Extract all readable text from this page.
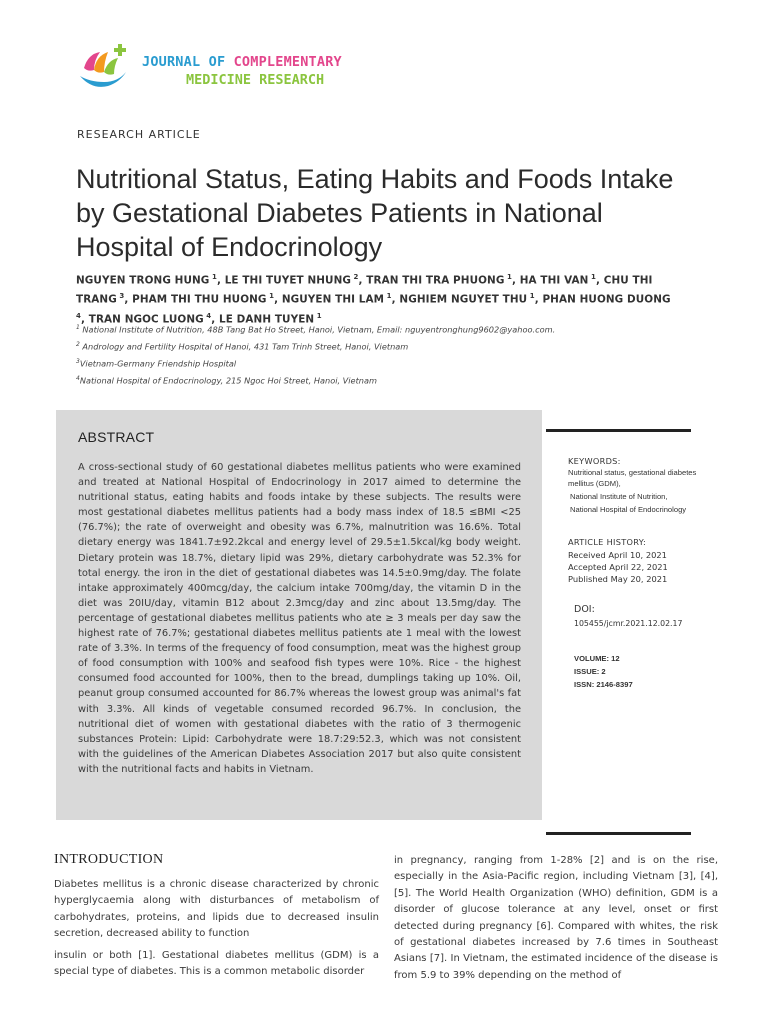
JOURNAL OF COMPLEMENTARY
MEDICINE RESEARCH
RESEARCH ARTICLE
Nutritional Status, Eating Habits and Foods Intake by Gestational Diabetes Patients in National Hospital of Endocrinology
NGUYEN TRONG HUNG $^1$, LE THI TUYET NHUNG $^2$, TRAN THI TRA PHUONG $^1$, HA THI VAN $^1$, CHU THI TRANG $^3$, PHAM THI THU HUONG $^1$, NGUYEN THI LAM $^1$, NGHIEM NGUYET THU $^1$, PHAN HUONG DUONG $^4$, TRAN NGOC LUONG $^4$, LE DANH TUYEN $^1$
$^1$ National Institute of Nutrition, 48B Tang Bat Ho Street, Hanoi, Vietnam, Email: nguyentronghung9602@yahoo.com.
$^2$ Andrology and Fertility Hospital of Hanoi, 431 Tam Trinh Street, Hanoi, Vietnam
$^3$Vietnam-Germany Friendship Hospital
$^4$National Hospital of Endocrinology, 215 Ngoc Hoi Street, Hanoi, Vietnam
ABSTRACT
A cross-sectional study of 60 gestational diabetes mellitus patients who were examined and treated at National Hospital of Endocrinology in 2017 aimed to determine the nutritional status, eating habits and foods intake by these subjects. The results were most gestational diabetes mellitus patients had a body mass index of 18.5 ≤BMI <25 (76.7%); the rate of overweight and obesity was 6.7%, malnutrition was 16.6%. Total dietary energy was 1841.7±92.2kcal and energy level of 29.5±1.5kcal/kg body weight. Dietary protein was 18.7%, dietary lipid was 29%, dietary carbohydrate was 52.3% for total energy. the iron in the diet of gestational diabetes was 14.5±0.9mg/day. The folate intake approximately 400mcg/day, the calcium intake 700mg/day, the vitamin D in the diet was 20IU/day, vitamin B12 about 2.3mcg/day and zinc about 13.5mg/day. The percentage of gestational diabetes mellitus patients who ate ≥ 3 meals per day saw the highest rate of 76.7%; gestational diabetes mellitus patients ate 1 meal with the lowest rate of 3.3%. In terms of the frequency of food consumption, meat was the highest group of food consumption with 100% and seafood fish types were 10%. Rice - the highest consumed food accounted for 100%, then to the bread, dumplings taking up 10%. Oil, peanut group consumed accounted for 86.7% whereas the lowest group was animal's fat with 3.3%. All kinds of vegetable consumed recorded 96.7%. In conclusion, the nutritional diet of women with gestational diabetes with the ratio of 3 thermogenic substances Protein: Lipid: Carbohydrate were 18.7:29:52.3, which was not consistent with the guidelines of the American Diabetes Association 2017 but also quite consistent with the nutritional facts and habits in Vietnam.
KEYWORDS:
Nutritional status, gestational diabetes mellitus (GDM),
National Institute of Nutrition,
National Hospital of Endocrinology
ARTICLE HISTORY:
Received April 10, 2021
Accepted April 22, 2021
Published May 20, 2021
DOI:
105455/jcmr.2021.12.02.17
VOLUME: 12
ISSUE: 2
ISSN: 2146-8397
INTRODUCTION
Diabetes mellitus is a chronic disease characterized by chronic hyperglycaemia along with disturbances of metabolism of carbohydrates, proteins, and lipids due to decreased insulin secretion, decreased ability to function
insulin or both [1]. Gestational diabetes mellitus (GDM) is a special type of diabetes. This is a common metabolic disorder
in pregnancy, ranging from 1-28% [2] and is on the rise, especially in the Asia-Pacific region, including Vietnam [3], [4], [5]. The World Health Organization (WHO) definition, GDM is a disorder of glucose tolerance at any level, onset or first detected during pregnancy [6]. Compared with whites, the risk of gestational diabetes increased by 7.6 times in Southeast Asians [7]. In Vietnam, the estimated incidence of the disease is from 5.9 to 39% depending on the method of
